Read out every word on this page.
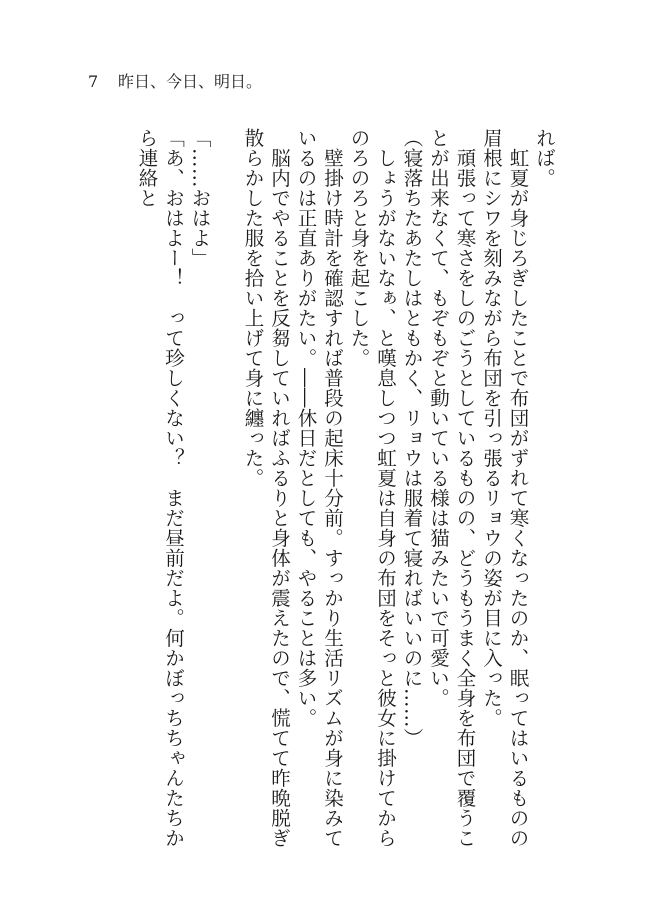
7	昨日、今日、明日。

れば。

　虹夏が身じろぎしたことで布団がずれて寒くなったのか、眠ってはいるものの眉根にシワを刻みながら布団を引っ張るリョウの姿が目に入った。

　頑張って寒さをしのごうとしているものの、どうもうまく全身を布団で覆うことが出来なくて、もぞもぞと動いている様は猫みたいで可愛い。

（寝落ちたあたしはともかく、リョウは服着て寝ればいいのに……）

　しょうがないなぁ、と嘆息しつつ虹夏は自身の布団をそっと彼女に掛けてからのろのろと身を起こした。

　壁掛け時計を確認すれば普段の起床十分前。すっかり生活リズムが身に染みているのは正直ありがたい。――休日だとしても、やることは多い。

　脳内でやることを反芻していればふるりと身体が震えたので、慌てて昨晩脱ぎ散らかした服を拾い上げて身に纏った。

「……おはよ」

「あ、おはよー！　って珍しくない？　まだ昼前だよ。何かぼっちちゃんたちから連絡と
